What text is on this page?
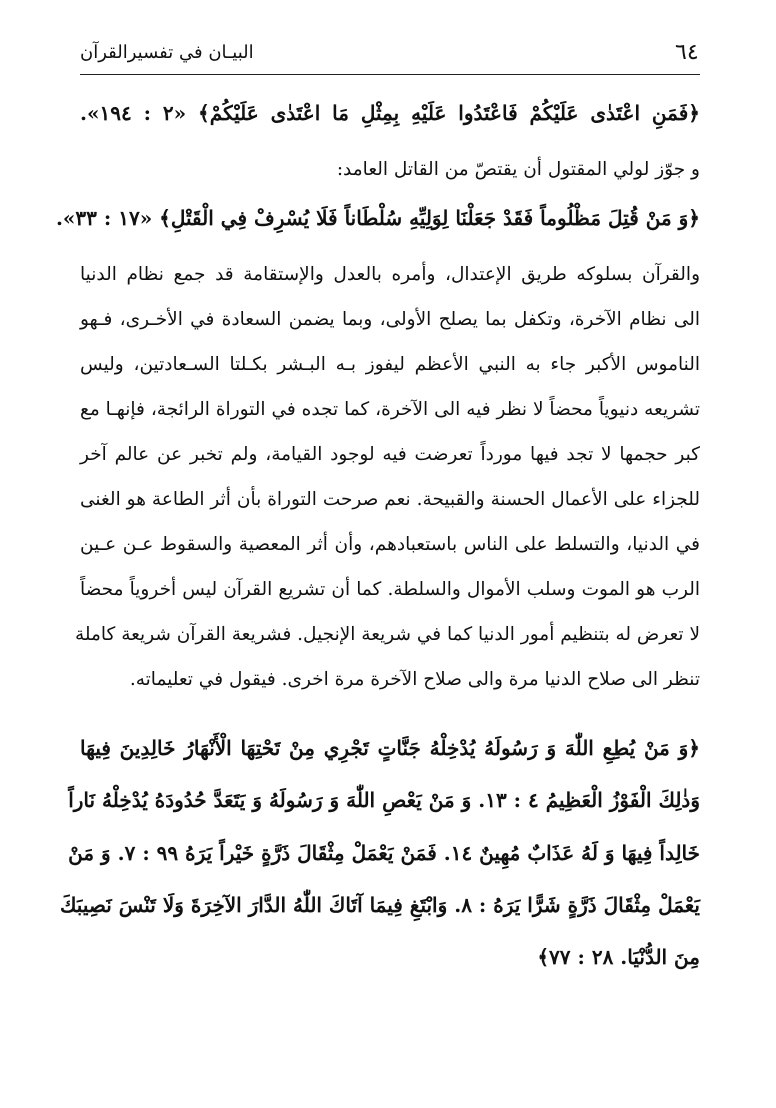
٦٤
البيـان في تفسيرالقرآن
﴿فَمَنِ اعْتَدٰى عَلَيْكُمْ فَاعْتَدُوا عَلَيْهِ بِمِثْلِ مَا اعْتَدٰى عَلَيْكُمْ﴾ «٢ : ١٩٤».
و جوّز لولي المقتول أن يقتصّ من القاتل العامد:
﴿وَ مَنْ قُتِلَ مَظْلُوماً فَقَدْ جَعَلْنَا لِوَلِيِّهِ سُلْطَاناً فَلَا يُسْرِفْ فِي الْقَتْلِ﴾ «١٧ : ٣٣».
والقرآن بسلوكه طريق الإعتدال، وأمره بالعدل والإستقامة قد جمع نظام الدنيا
الى نظام الآخرة، وتكفل بما يصلح الأولى، وبما يضمن السعادة في الأخـرى، فـهو
الناموس الأكبر جاء به النبي الأعظم ليفوز بـه البـشر بكـلتا السـعادتين، وليس
تشريعه دنيوياً محضاً لا نظر فيه الى الآخرة، كما تجده في التوراة الرائجة، فإنهـا مع
كبر حجمها لا تجد فيها مورداً تعرضت فيه لوجود القيامة، ولم تخبر عن عالم آخر
للجزاء على الأعمال الحسنة والقبيحة. نعم صرحت التوراة بأن أثر الطاعة هو الغنى
في الدنيا، والتسلط على الناس باستعبادهم، وأن أثر المعصية والسقوط عـن عـين
الرب هو الموت وسلب الأموال والسلطة. كما أن تشريع القرآن ليس أخروياً محضاً
لا تعرض له بتنظيم أمور الدنيا كما في شريعة الإنجيل. فشريعة القرآن شريعة كاملة
تنظر الى صلاح الدنيا مرة والى صلاح الآخرة مرة اخرى. فيقول في تعليماته.
﴿وَ مَنْ يُطِعِ اللّٰهَ وَ رَسُولَهُ يُدْخِلْهُ جَنَّاتٍ تَجْرِي مِنْ تَحْتِهَا الْأَنْهَارُ خَالِدِينَ فِيهَا
وَذٰلِكَ الْفَوْزُ الْعَظِيمُ ٤ : ١٣. وَ مَنْ يَعْصِ اللّٰهَ وَ رَسُولَهُ وَ يَتَعَدَّ حُدُودَهُ يُدْخِلْهُ نَاراً
خَالِداً فِيهَا وَ لَهُ عَذَابٌ مُهِينٌ ١٤. فَمَنْ يَعْمَلْ مِثْقَالَ ذَرَّةٍ خَيْراً يَرَهُ ٩٩ : ٧. وَ مَنْ
يَعْمَلْ مِثْقَالَ ذَرَّةٍ شَرًّا يَرَهُ : ٨. وَابْتَغِ فِيمَا آتَاكَ اللّٰهُ الدَّارَ الآخِرَةَ وَلَا تَنْسَ نَصِيبَكَ
مِنَ الدُّنْيَا. ٢٨ : ٧٧﴾
